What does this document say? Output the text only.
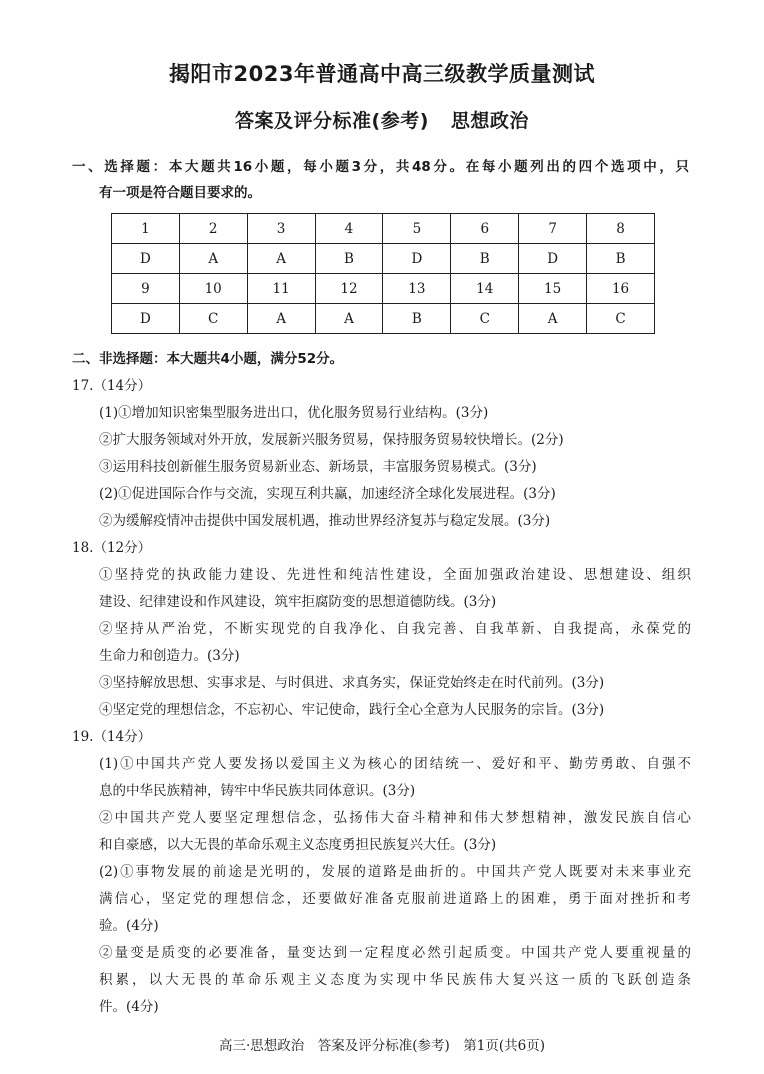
揭阳市2023年普通高中高三级教学质量测试
答案及评分标准(参考) 思想政治
一、选择题：本大题共16小题，每小题3分，共48分。在每小题列出的四个选项中，只
有一项是符合题目要求的。
1	2	3	4	5	6	7	8
D	A	A	B	D	B	D	B
9	10	11	12	13	14	15	16
D	C	A	A	B	C	A	C
二、非选择题：本大题共4小题，满分52分。
17.（14分）
(1)①增加知识密集型服务进出口，优化服务贸易行业结构。(3分)
②扩大服务领域对外开放，发展新兴服务贸易，保持服务贸易较快增长。(2分)
③运用科技创新催生服务贸易新业态、新场景，丰富服务贸易模式。(3分)
(2)①促进国际合作与交流，实现互利共赢，加速经济全球化发展进程。(3分)
②为缓解疫情冲击提供中国发展机遇，推动世界经济复苏与稳定发展。(3分)
18.（12分）
①坚持党的执政能力建设、先进性和纯洁性建设，全面加强政治建设、思想建设、组织
建设、纪律建设和作风建设，筑牢拒腐防变的思想道德防线。(3分)
②坚持从严治党，不断实现党的自我净化、自我完善、自我革新、自我提高，永葆党的
生命力和创造力。(3分)
③坚持解放思想、实事求是、与时俱进、求真务实，保证党始终走在时代前列。(3分)
④坚定党的理想信念，不忘初心、牢记使命，践行全心全意为人民服务的宗旨。(3分)
19.（14分）
(1)①中国共产党人要发扬以爱国主义为核心的团结统一、爱好和平、勤劳勇敢、自强不
息的中华民族精神，铸牢中华民族共同体意识。(3分)
②中国共产党人要坚定理想信念，弘扬伟大奋斗精神和伟大梦想精神，激发民族自信心
和自豪感，以大无畏的革命乐观主义态度勇担民族复兴大任。(3分)
(2)①事物发展的前途是光明的，发展的道路是曲折的。中国共产党人既要对未来事业充
满信心，坚定党的理想信念，还要做好准备克服前进道路上的困难，勇于面对挫折和考
验。(4分)
②量变是质变的必要准备，量变达到一定程度必然引起质变。中国共产党人要重视量的
积累，以大无畏的革命乐观主义态度为实现中华民族伟大复兴这一质的飞跃创造条
件。(4分)
高三·思想政治　答案及评分标准(参考)　第1页(共6页)
